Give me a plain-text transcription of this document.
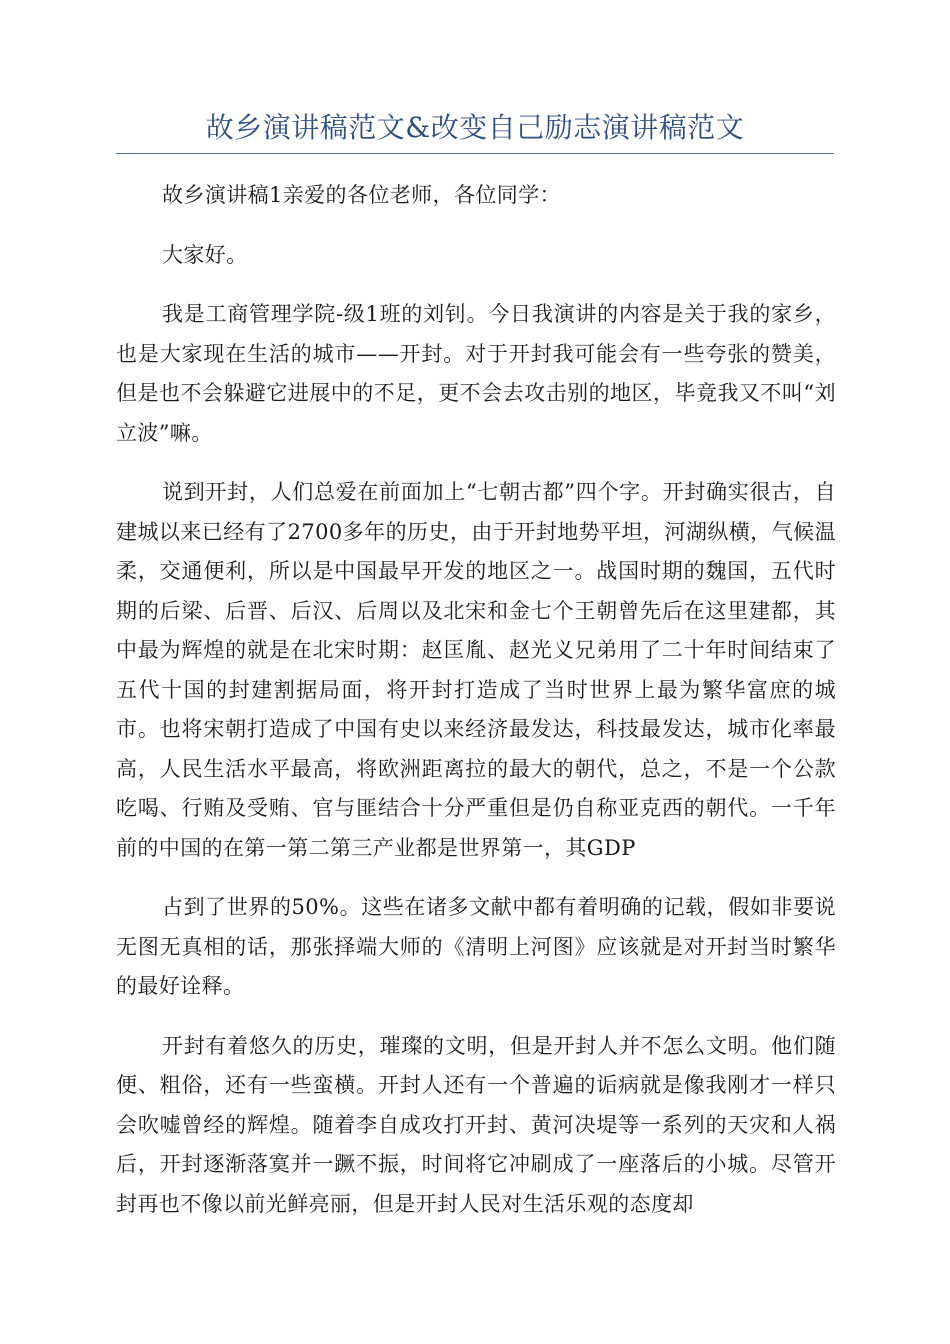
故乡演讲稿范文&改变自己励志演讲稿范文

故乡演讲稿1亲爱的各位老师，各位同学：

大家好。

我是工商管理学院-级1班的刘钊。今日我演讲的内容是关于我的家乡，也是大家现在生活的城市——开封。对于开封我可能会有一些夸张的赞美，但是也不会躲避它进展中的不足，更不会去攻击别的地区，毕竟我又不叫“刘立波”嘛。

说到开封，人们总爱在前面加上“七朝古都”四个字。开封确实很古，自建城以来已经有了2700多年的历史，由于开封地势平坦，河湖纵横，气候温柔，交通便利，所以是中国最早开发的地区之一。战国时期的魏国，五代时期的后梁、后晋、后汉、后周以及北宋和金七个王朝曾先后在这里建都，其中最为辉煌的就是在北宋时期：赵匡胤、赵光义兄弟用了二十年时间结束了五代十国的封建割据局面，将开封打造成了当时世界上最为繁华富庶的城市。也将宋朝打造成了中国有史以来经济最发达，科技最发达，城市化率最高，人民生活水平最高，将欧洲距离拉的最大的朝代，总之，不是一个公款吃喝、行贿及受贿、官与匪结合十分严重但是仍自称亚克西的朝代。一千年前的中国的在第一第二第三产业都是世界第一，其GDP

占到了世界的50%。这些在诸多文献中都有着明确的记载，假如非要说无图无真相的话，那张择端大师的《清明上河图》应该就是对开封当时繁华的最好诠释。

开封有着悠久的历史，璀璨的文明，但是开封人并不怎么文明。他们随便、粗俗，还有一些蛮横。开封人还有一个普遍的诟病就是像我刚才一样只会吹嘘曾经的辉煌。随着李自成攻打开封、黄河决堤等一系列的天灾和人祸后，开封逐渐落寞并一蹶不振，时间将它冲刷成了一座落后的小城。尽管开封再也不像以前光鲜亮丽，但是开封人民对生活乐观的态度却
